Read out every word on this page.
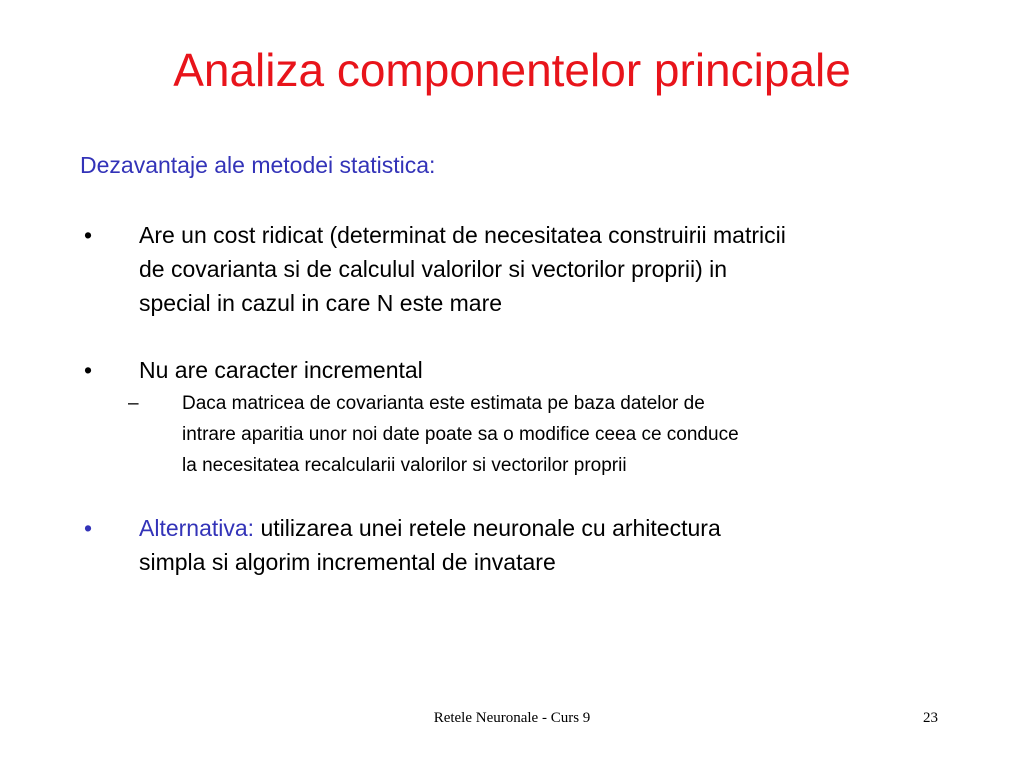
Analiza componentelor principale
Dezavantaje ale metodei statistica:
• Are un cost ridicat (determinat de necesitatea construirii matricii
de covarianta si de calculul valorilor si vectorilor proprii) in
special in cazul in care N este mare
• Nu are caracter incremental
– Daca matricea de covarianta este estimata pe baza datelor de
intrare aparitia unor noi date poate sa o modifice ceea ce conduce
la necesitatea recalcularii valorilor si vectorilor proprii
• Alternativa: utilizarea unei retele neuronale cu arhitectura
simpla si algorim incremental de invatare
Retele Neuronale - Curs 9	23
